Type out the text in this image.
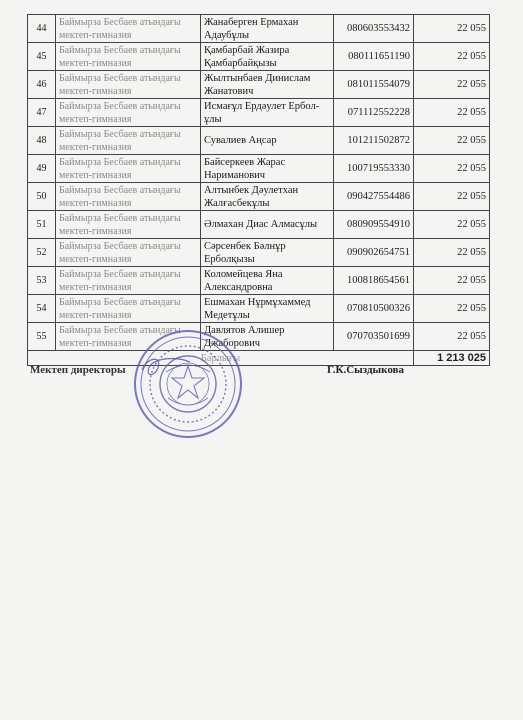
44	Баймырза Бесбаев атындағы мектеп-гимназия	Жанаберген Ермахан Адаубұлы	080603553432	22 055
45	Баймырза Бесбаев атындағы мектеп-гимназия	Қамбарбай Жазира Қамбарбайқызы	080111651190	22 055
46	Баймырза Бесбаев атындағы мектеп-гимназия	Жылтынбаев Динислам Жанатович	081011554079	22 055
47	Баймырза Бесбаев атындағы мектеп-гимназия	Исмағұл Ердәулет Ерболұлы	071112552228	22 055
48	Баймырза Бесбаев атындағы мектеп-гимназия	Сувалиев Аңсар	101211502872	22 055
49	Баймырза Бесбаев атындағы мектеп-гимназия	Байсеркеев Жарас Нариманович	100719553330	22 055
50	Баймырза Бесбаев атындағы мектеп-гимназия	Алтынбек Дәулетхан Жалғасбекұлы	090427554486	22 055
51	Баймырза Бесбаев атындағы мектеп-гимназия	Әлмахан Диас Алмасұлы	080909554910	22 055
52	Баймырза Бесбаев атындағы мектеп-гимназия	Сәрсенбек Бәлнұр Ерболқызы	090902654751	22 055
53	Баймырза Бесбаев атындағы мектеп-гимназия	Коломейцева Яна Александровна	100818654561	22 055
54	Баймырза Бесбаев атындағы мектеп-гимназия	Ешмахан Нұрмұхаммед Медетұлы	070810500326	22 055
55	Баймырза Бесбаев атындағы мектеп-гимназия	Давлятов Алишер Джаборович	070703501699	22 055
Барлығы				1 213 025
Мектеп директоры	Г.К.Сыздыкова
